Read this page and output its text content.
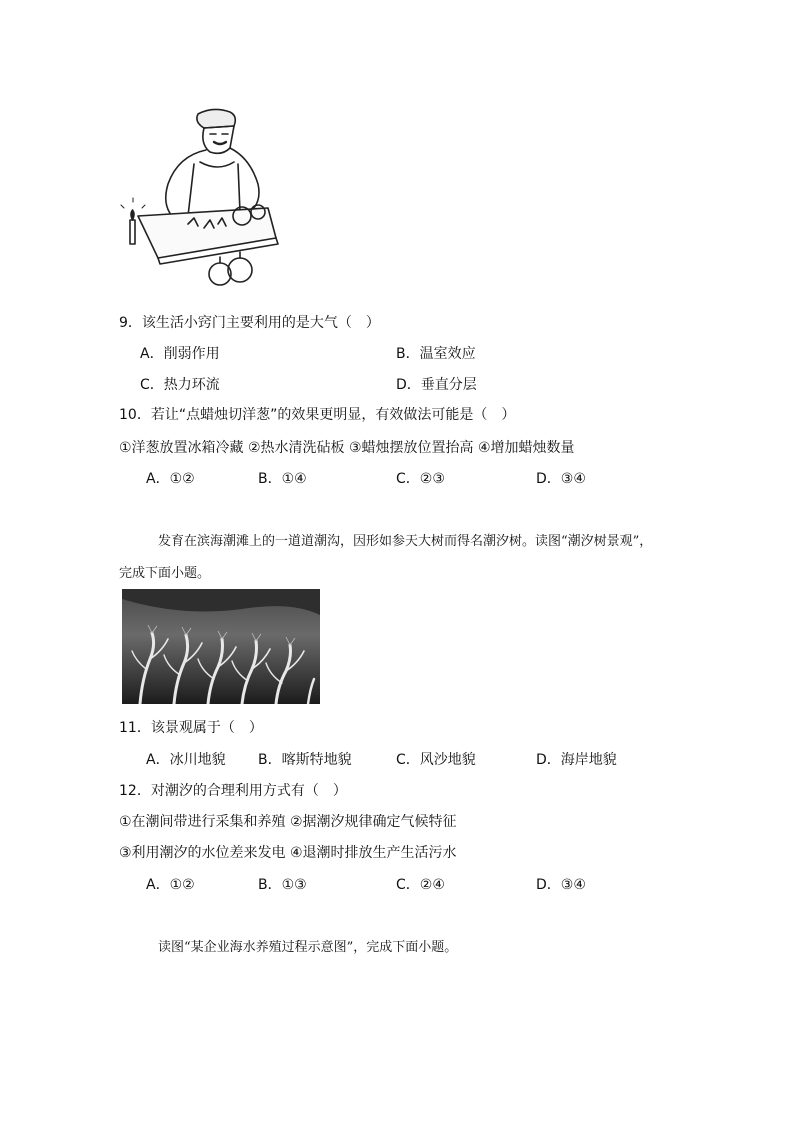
9．该生活小窍门主要利用的是大气（　）
A．削弱作用	B．温室效应
C．热力环流	D．垂直分层
10．若让“点蜡烛切洋葱”的效果更明显，有效做法可能是（　）
①洋葱放置冰箱冷藏 ②热水清洗砧板 ③蜡烛摆放位置抬高 ④增加蜡烛数量
A．①②	B．①④	C．②③	D．③④
发育在滨海潮滩上的一道道潮沟，因形如参天大树而得名潮汐树。读图“潮汐树景观”，
完成下面小题。
11．该景观属于（　）
A．冰川地貌 B．喀斯特地貌	C．风沙地貌	D．海岸地貌
12．对潮汐的合理利用方式有（　）
①在潮间带进行采集和养殖 ②据潮汐规律确定气候特征
③利用潮汐的水位差来发电 ④退潮时排放生产生活污水
A．①②	B．①③	C．②④	D．③④
读图“某企业海水养殖过程示意图”，完成下面小题。
